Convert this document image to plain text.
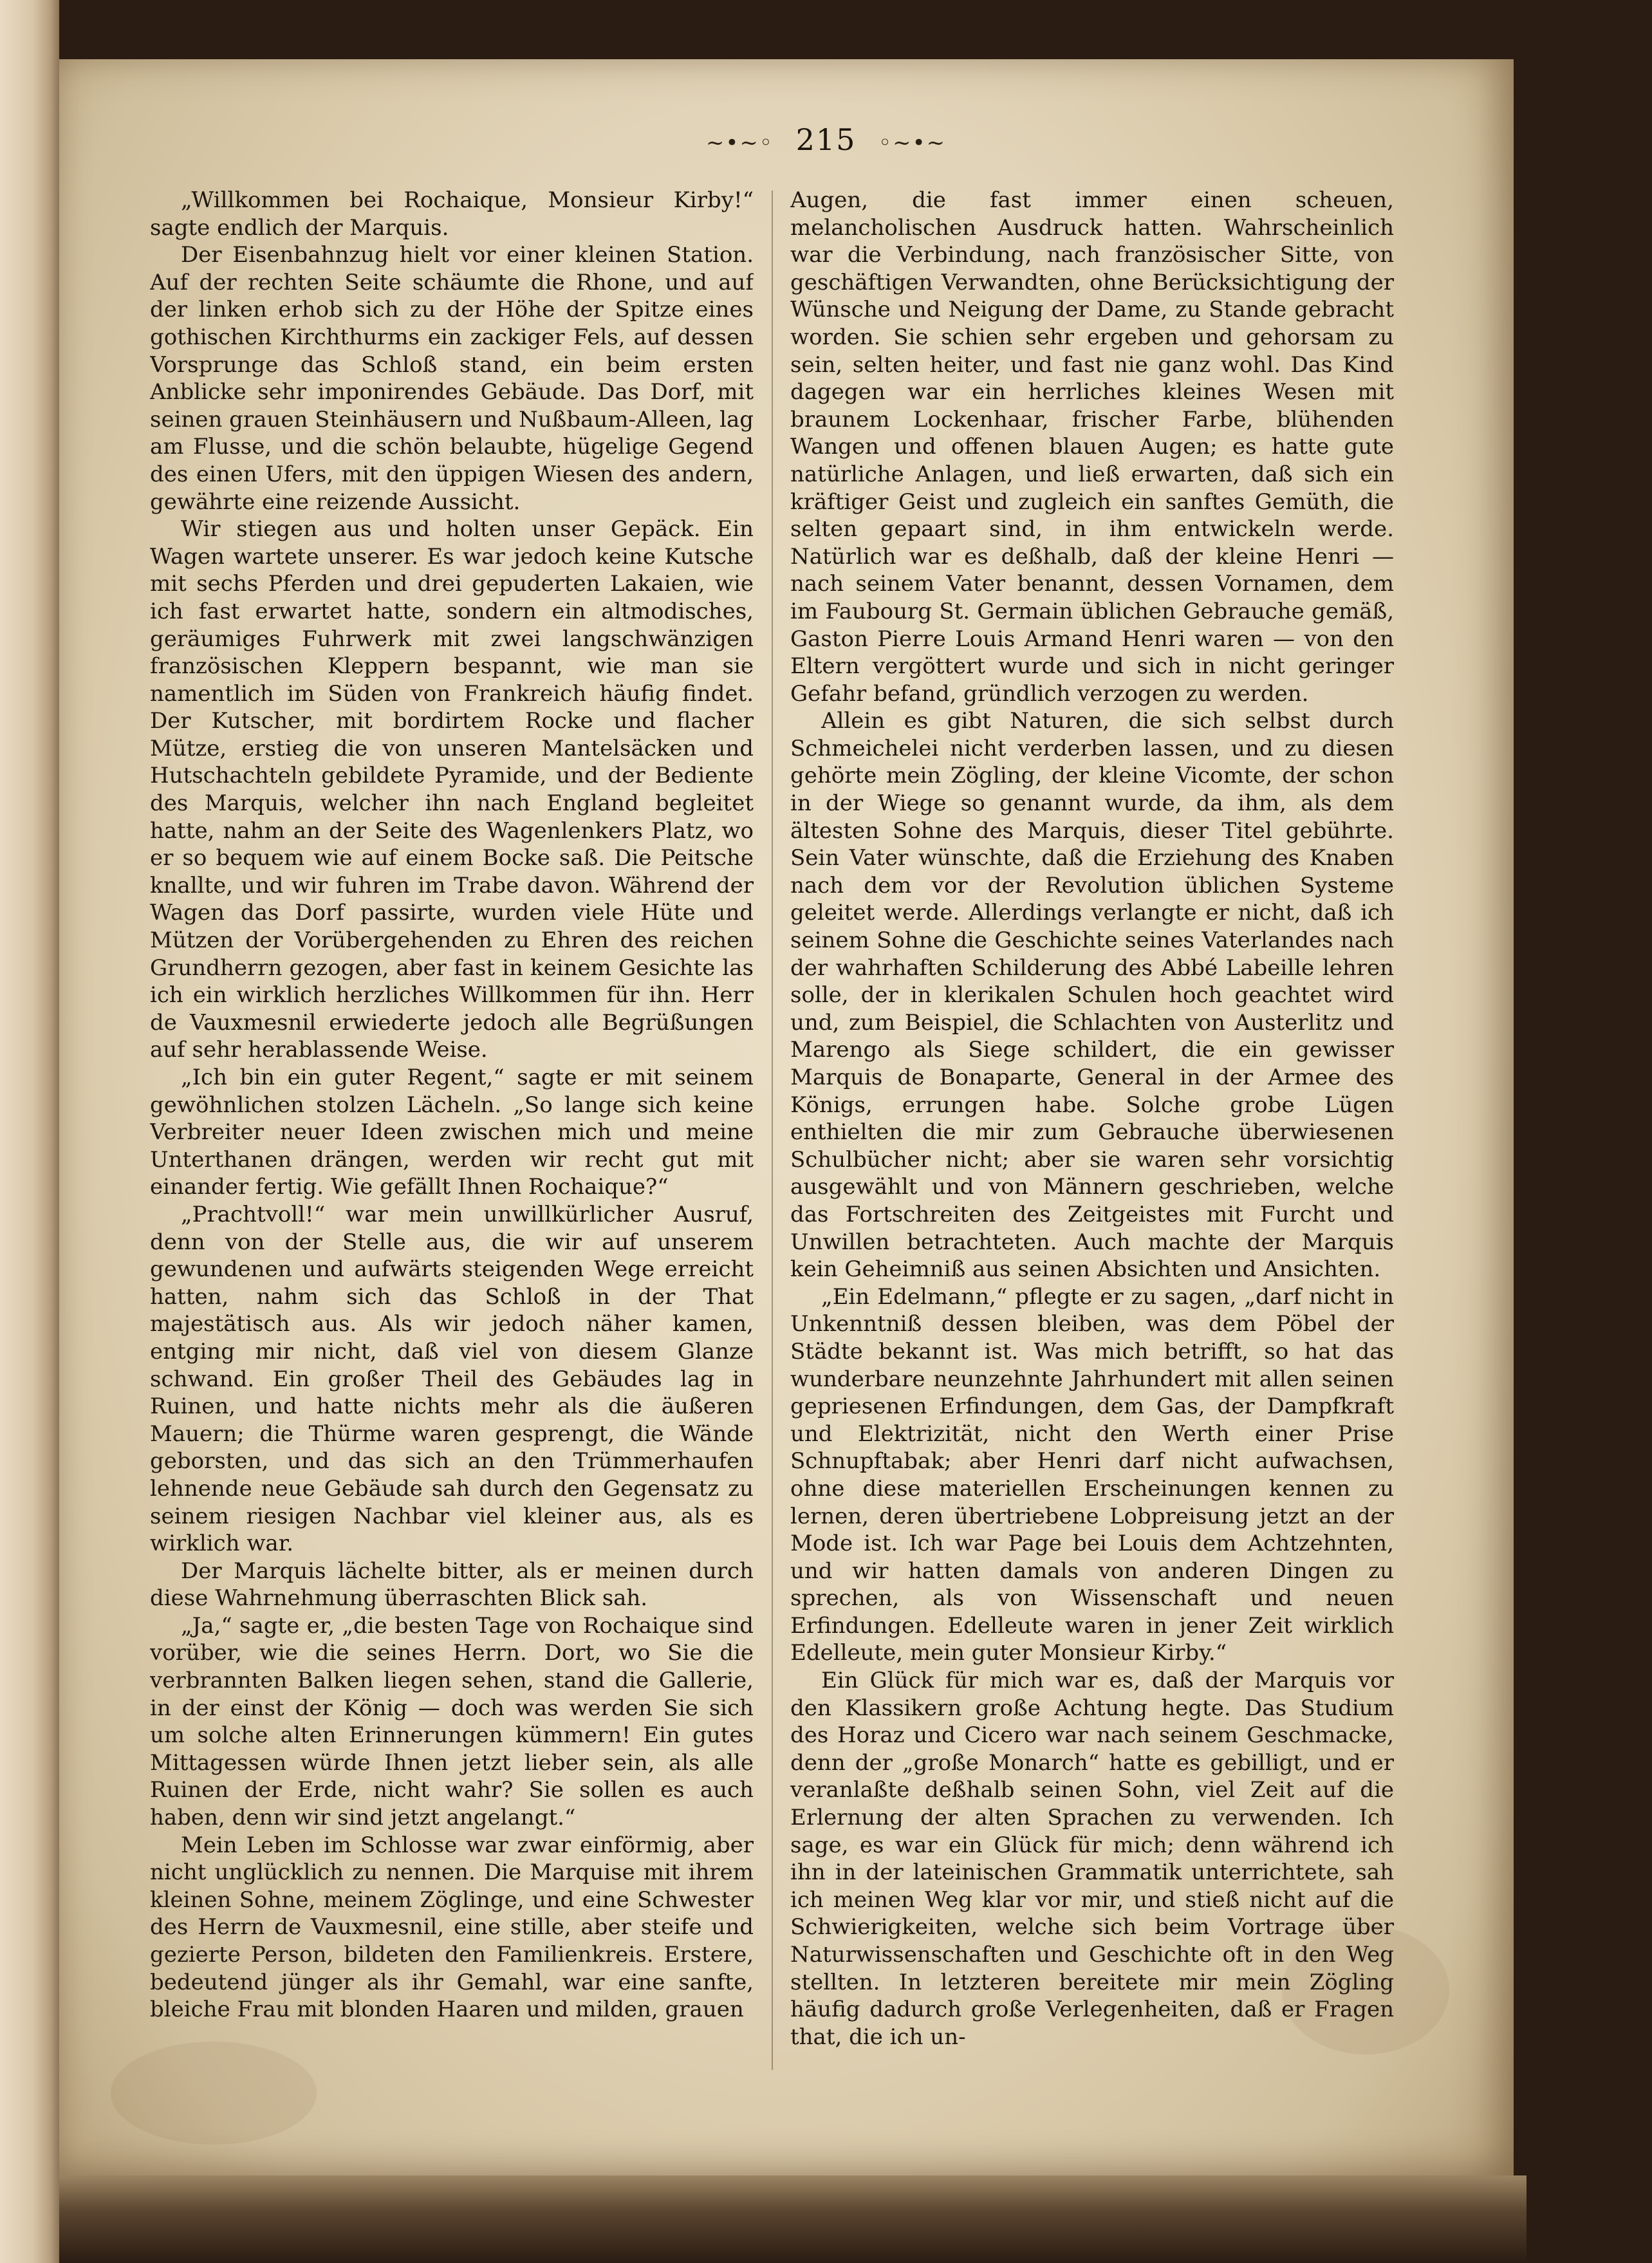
~•~◦ 215 ◦~•~

„Willkommen bei Rochaique, Monsieur Kirby!“ sagte endlich der Marquis.

Der Eisenbahnzug hielt vor einer kleinen Station. Auf der rechten Seite schäumte die Rhone, und auf der linken erhob sich zu der Höhe der Spitze eines gothischen Kirchthurms ein zackiger Fels, auf dessen Vorsprunge das Schloß stand, ein beim ersten Anblicke sehr imponirendes Gebäude. Das Dorf, mit seinen grauen Steinhäusern und Nußbaum-Alleen, lag am Flusse, und die schön belaubte, hügelige Gegend des einen Ufers, mit den üppigen Wiesen des andern, gewährte eine reizende Aussicht.

Wir stiegen aus und holten unser Gepäck. Ein Wagen wartete unserer. Es war jedoch keine Kutsche mit sechs Pferden und drei gepuderten Lakaien, wie ich fast erwartet hatte, sondern ein altmodisches, geräumiges Fuhrwerk mit zwei langschwänzigen französischen Kleppern bespannt, wie man sie namentlich im Süden von Frankreich häufig findet. Der Kutscher, mit bordirtem Rocke und flacher Mütze, erstieg die von unseren Mantelsäcken und Hutschachteln gebildete Pyramide, und der Bediente des Marquis, welcher ihn nach England begleitet hatte, nahm an der Seite des Wagenlenkers Platz, wo er so bequem wie auf einem Bocke saß. Die Peitsche knallte, und wir fuhren im Trabe davon. Während der Wagen das Dorf passirte, wurden viele Hüte und Mützen der Vorübergehenden zu Ehren des reichen Grundherrn gezogen, aber fast in keinem Gesichte las ich ein wirklich herzliches Willkommen für ihn. Herr de Vauxmesnil erwiederte jedoch alle Begrüßungen auf sehr herablassende Weise.

„Ich bin ein guter Regent,“ sagte er mit seinem gewöhnlichen stolzen Lächeln. „So lange sich keine Verbreiter neuer Ideen zwischen mich und meine Unterthanen drängen, werden wir recht gut mit einander fertig. Wie gefällt Ihnen Rochaique?“

„Prachtvoll!“ war mein unwillkürlicher Ausruf, denn von der Stelle aus, die wir auf unserem gewundenen und aufwärts steigenden Wege erreicht hatten, nahm sich das Schloß in der That majestätisch aus. Als wir jedoch näher kamen, entging mir nicht, daß viel von diesem Glanze schwand. Ein großer Theil des Gebäudes lag in Ruinen, und hatte nichts mehr als die äußeren Mauern; die Thürme waren gesprengt, die Wände geborsten, und das sich an den Trümmerhaufen lehnende neue Gebäude sah durch den Gegensatz zu seinem riesigen Nachbar viel kleiner aus, als es wirklich war.

Der Marquis lächelte bitter, als er meinen durch diese Wahrnehmung überraschten Blick sah.

„Ja,“ sagte er, „die besten Tage von Rochaique sind vorüber, wie die seines Herrn. Dort, wo Sie die verbrannten Balken liegen sehen, stand die Gallerie, in der einst der König — doch was werden Sie sich um solche alten Erinnerungen kümmern! Ein gutes Mittagessen würde Ihnen jetzt lieber sein, als alle Ruinen der Erde, nicht wahr? Sie sollen es auch haben, denn wir sind jetzt angelangt.“

Mein Leben im Schlosse war zwar einförmig, aber nicht unglücklich zu nennen. Die Marquise mit ihrem kleinen Sohne, meinem Zöglinge, und eine Schwester des Herrn de Vauxmesnil, eine stille, aber steife und gezierte Person, bildeten den Familienkreis. Erstere, bedeutend jünger als ihr Gemahl, war eine sanfte, bleiche Frau mit blonden Haaren und milden, grauen

Augen, die fast immer einen scheuen, melancholischen Ausdruck hatten. Wahrscheinlich war die Verbindung, nach französischer Sitte, von geschäftigen Verwandten, ohne Berücksichtigung der Wünsche und Neigung der Dame, zu Stande gebracht worden. Sie schien sehr ergeben und gehorsam zu sein, selten heiter, und fast nie ganz wohl. Das Kind dagegen war ein herrliches kleines Wesen mit braunem Lockenhaar, frischer Farbe, blühenden Wangen und offenen blauen Augen; es hatte gute natürliche Anlagen, und ließ erwarten, daß sich ein kräftiger Geist und zugleich ein sanftes Gemüth, die selten gepaart sind, in ihm entwickeln werde. Natürlich war es deßhalb, daß der kleine Henri — nach seinem Vater benannt, dessen Vornamen, dem im Faubourg St. Germain üblichen Gebrauche gemäß, Gaston Pierre Louis Armand Henri waren — von den Eltern vergöttert wurde und sich in nicht geringer Gefahr befand, gründlich verzogen zu werden.

Allein es gibt Naturen, die sich selbst durch Schmeichelei nicht verderben lassen, und zu diesen gehörte mein Zögling, der kleine Vicomte, der schon in der Wiege so genannt wurde, da ihm, als dem ältesten Sohne des Marquis, dieser Titel gebührte. Sein Vater wünschte, daß die Erziehung des Knaben nach dem vor der Revolution üblichen Systeme geleitet werde. Allerdings verlangte er nicht, daß ich seinem Sohne die Geschichte seines Vaterlandes nach der wahrhaften Schilderung des Abbé Labeille lehren solle, der in klerikalen Schulen hoch geachtet wird und, zum Beispiel, die Schlachten von Austerlitz und Marengo als Siege schildert, die ein gewisser Marquis de Bonaparte, General in der Armee des Königs, errungen habe. Solche grobe Lügen enthielten die mir zum Gebrauche überwiesenen Schulbücher nicht; aber sie waren sehr vorsichtig ausgewählt und von Männern geschrieben, welche das Fortschreiten des Zeitgeistes mit Furcht und Unwillen betrachteten. Auch machte der Marquis kein Geheimniß aus seinen Absichten und Ansichten.

„Ein Edelmann,“ pflegte er zu sagen, „darf nicht in Unkenntniß dessen bleiben, was dem Pöbel der Städte bekannt ist. Was mich betrifft, so hat das wunderbare neunzehnte Jahrhundert mit allen seinen gepriesenen Erfindungen, dem Gas, der Dampfkraft und Elektrizität, nicht den Werth einer Prise Schnupftabak; aber Henri darf nicht aufwachsen, ohne diese materiellen Erscheinungen kennen zu lernen, deren übertriebene Lobpreisung jetzt an der Mode ist. Ich war Page bei Louis dem Achtzehnten, und wir hatten damals von anderen Dingen zu sprechen, als von Wissenschaft und neuen Erfindungen. Edelleute waren in jener Zeit wirklich Edelleute, mein guter Monsieur Kirby.“

Ein Glück für mich war es, daß der Marquis vor den Klassikern große Achtung hegte. Das Studium des Horaz und Cicero war nach seinem Geschmacke, denn der „große Monarch“ hatte es gebilligt, und er veranlaßte deßhalb seinen Sohn, viel Zeit auf die Erlernung der alten Sprachen zu verwenden. Ich sage, es war ein Glück für mich; denn während ich ihn in der lateinischen Grammatik unterrichtete, sah ich meinen Weg klar vor mir, und stieß nicht auf die Schwierigkeiten, welche sich beim Vortrage über Naturwissenschaften und Geschichte oft in den Weg stellten. In letzteren bereitete mir mein Zögling häufig dadurch große Verlegenheiten, daß er Fragen that, die ich un-
